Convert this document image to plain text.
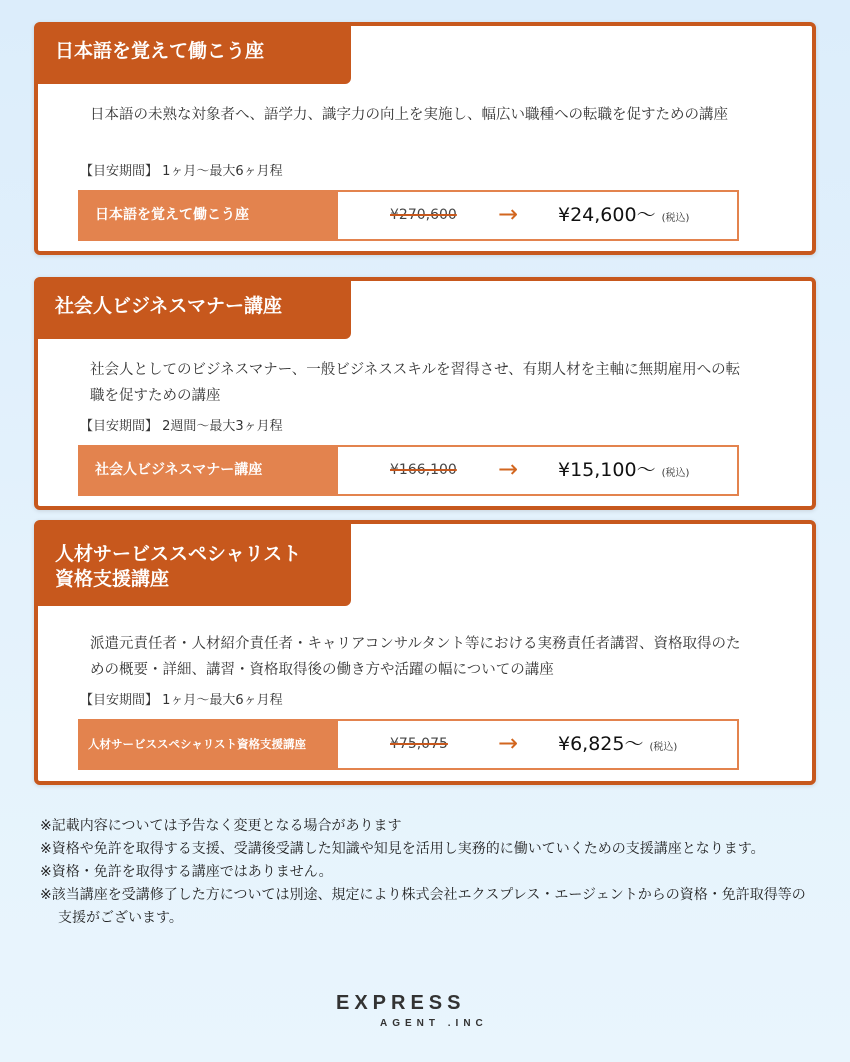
日本語を覚えて働こう座
日本語の未熟な対象者へ、語学力、識字力の向上を実施し、幅広い職種への転職を促すための講座
【目安期間】 1ヶ月～最大6ヶ月程
日本語を覚えて働こう座	¥270,600 → ¥24,600～ (税込)
社会人ビジネスマナー講座
社会人としてのビジネスマナー、一般ビジネススキルを習得させ、有期人材を主軸に無期雇用への転職を促すための講座
【目安期間】 2週間～最大3ヶ月程
社会人ビジネスマナー講座	¥166,100 → ¥15,100～ (税込)
人材サービススペシャリスト
資格支援講座
派遣元責任者・人材紹介責任者・キャリアコンサルタント等における実務責任者講習、資格取得のための概要・詳細、講習・資格取得後の働き方や活躍の幅についての講座
【目安期間】 1ヶ月～最大6ヶ月程
人材サービススペシャリスト資格支援講座	¥75,075 → ¥6,825～ (税込)
※記載内容については予告なく変更となる場合があります
※資格や免許を取得する支援、受講後受講した知識や知見を活用し実務的に働いていくための支援講座となります。
※資格・免許を取得する講座ではありません。
※該当講座を受講修了した方については別途、規定により株式会社エクスプレス・エージェントからの資格・免許取得等の支援がございます。
EXPRESS
AGENT .INC
